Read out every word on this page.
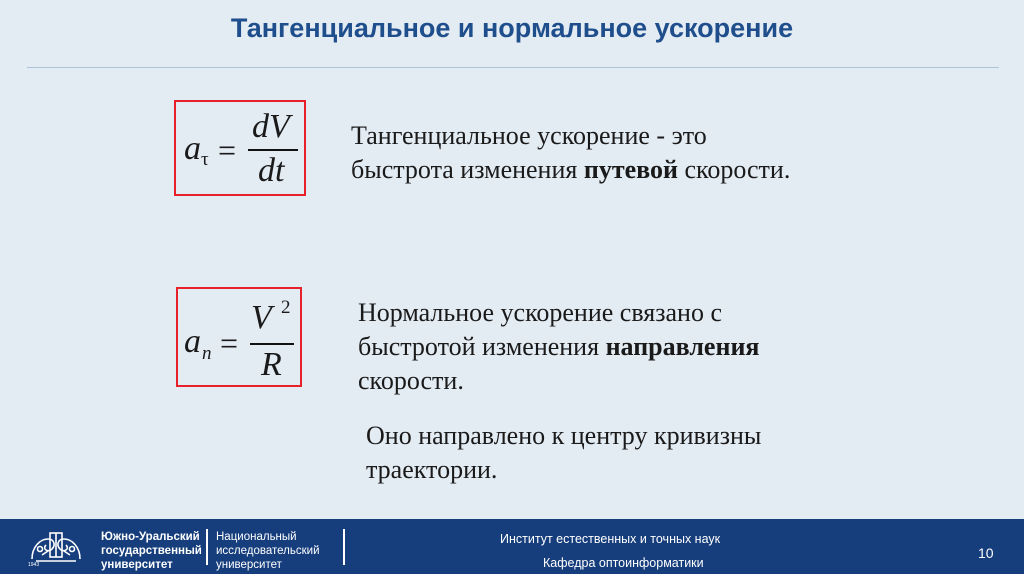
Тангенциальное и нормальное ускорение
a τ =
dV
dt
Тангенциальное ускорение - это
быстрота изменения путевой скорости.
a n =
V 2
R
Нормальное ускорение связано с
быстротой изменения направления
скорости.
Оно направлено к центру кривизны
траектории.
1943
Южно-Уральский
государственный
университет
Национальный
исследовательский
университет
Институт естественных и точных наук
Кафедра оптоинформатики
10
